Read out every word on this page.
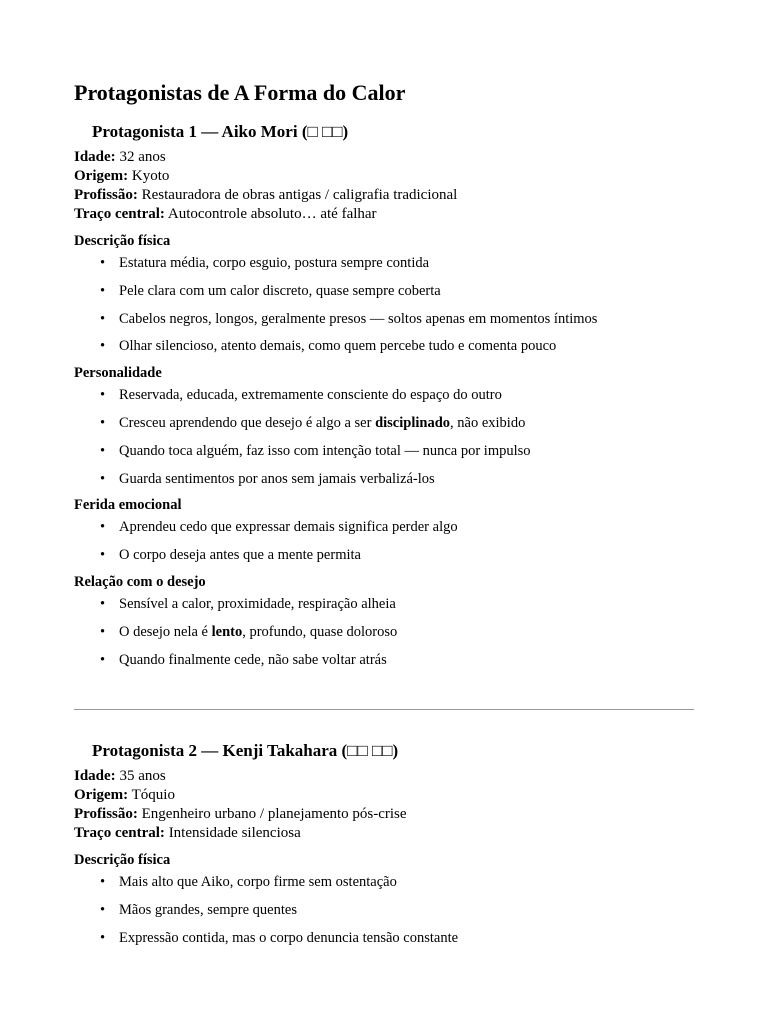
Protagonistas de A Forma do Calor
Protagonista 1 — Aiko Mori (□ □□)
Idade: 32 anos
Origem: Kyoto
Profissão: Restauradora de obras antigas / caligrafia tradicional
Traço central: Autocontrole absoluto… até falhar
Descrição física
• Estatura média, corpo esguio, postura sempre contida
• Pele clara com um calor discreto, quase sempre coberta
• Cabelos negros, longos, geralmente presos — soltos apenas em momentos íntimos
• Olhar silencioso, atento demais, como quem percebe tudo e comenta pouco
Personalidade
• Reservada, educada, extremamente consciente do espaço do outro
• Cresceu aprendendo que desejo é algo a ser disciplinado, não exibido
• Quando toca alguém, faz isso com intenção total — nunca por impulso
• Guarda sentimentos por anos sem jamais verbalizá-los
Ferida emocional
• Aprendeu cedo que expressar demais significa perder algo
• O corpo deseja antes que a mente permita
Relação com o desejo
• Sensível a calor, proximidade, respiração alheia
• O desejo nela é lento, profundo, quase doloroso
• Quando finalmente cede, não sabe voltar atrás
Protagonista 2 — Kenji Takahara (□□ □□)
Idade: 35 anos
Origem: Tóquio
Profissão: Engenheiro urbano / planejamento pós-crise
Traço central: Intensidade silenciosa
Descrição física
• Mais alto que Aiko, corpo firme sem ostentação
• Mãos grandes, sempre quentes
• Expressão contida, mas o corpo denuncia tensão constante
